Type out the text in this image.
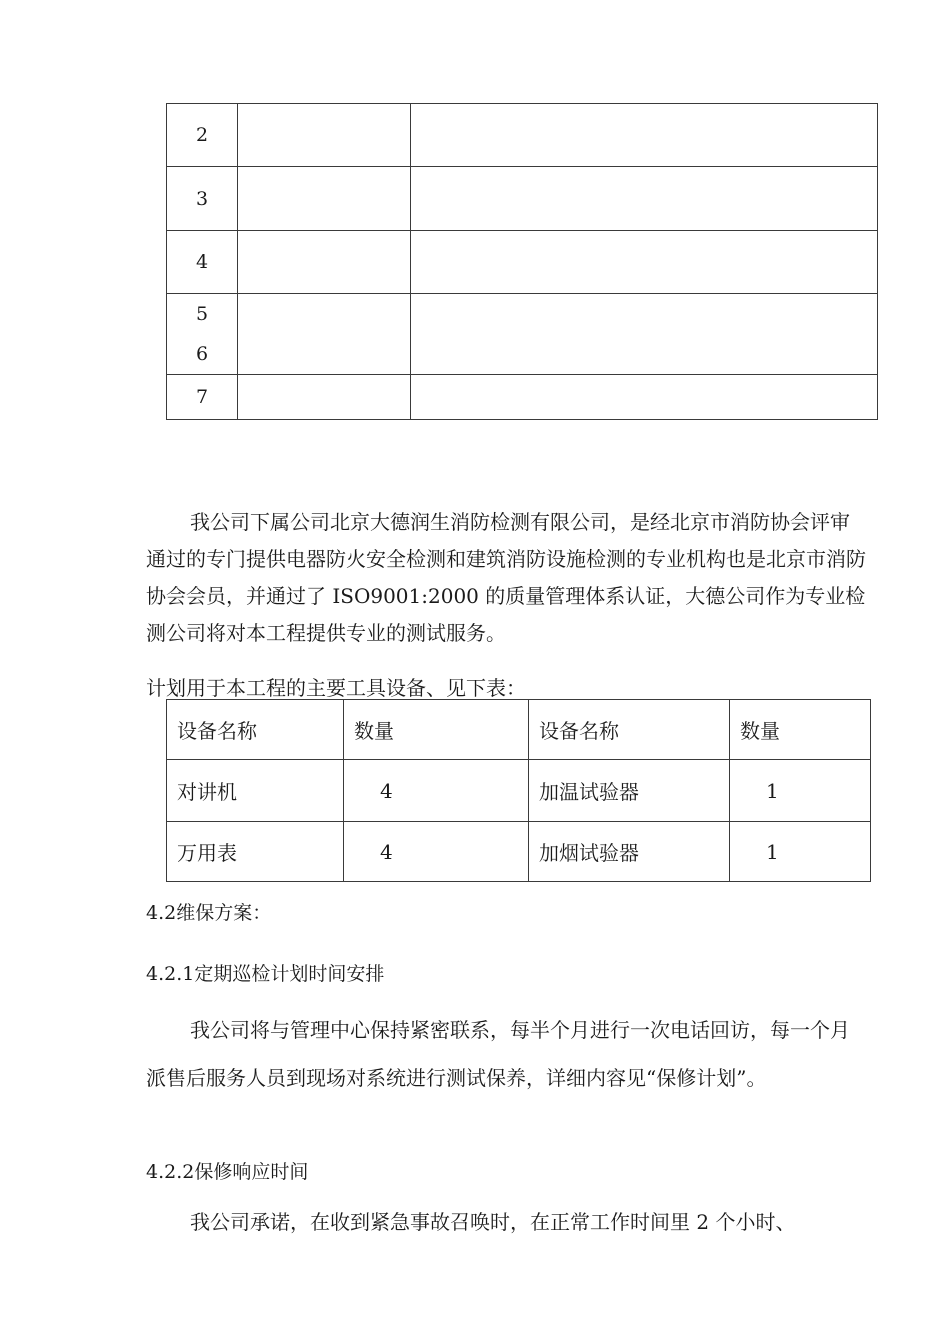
2		

3		

4		

5
6		

7		

我公司下属公司北京大德润生消防检测有限公司，是经北京市消防协会评审通过的专门提供电器防火安全检测和建筑消防设施检测的专业机构也是北京市消防协会会员，并通过了 ISO9001:2000 的质量管理体系认证，大德公司作为专业检测公司将对本工程提供专业的测试服务。

计划用于本工程的主要工具设备、见下表：

设备名称	数量	设备名称	数量
对讲机	4	加温试验器	1
万用表	4	加烟试验器	1
4.2维保方案：
4.2.1定期巡检计划时间安排
我公司将与管理中心保持紧密联系，每半个月进行一次电话回访，每一个月派售后服务人员到现场对系统进行测试保养，详细内容见“保修计划”。
4.2.2保修响应时间
我公司承诺，在收到紧急事故召唤时，在正常工作时间里 2 个小时、
